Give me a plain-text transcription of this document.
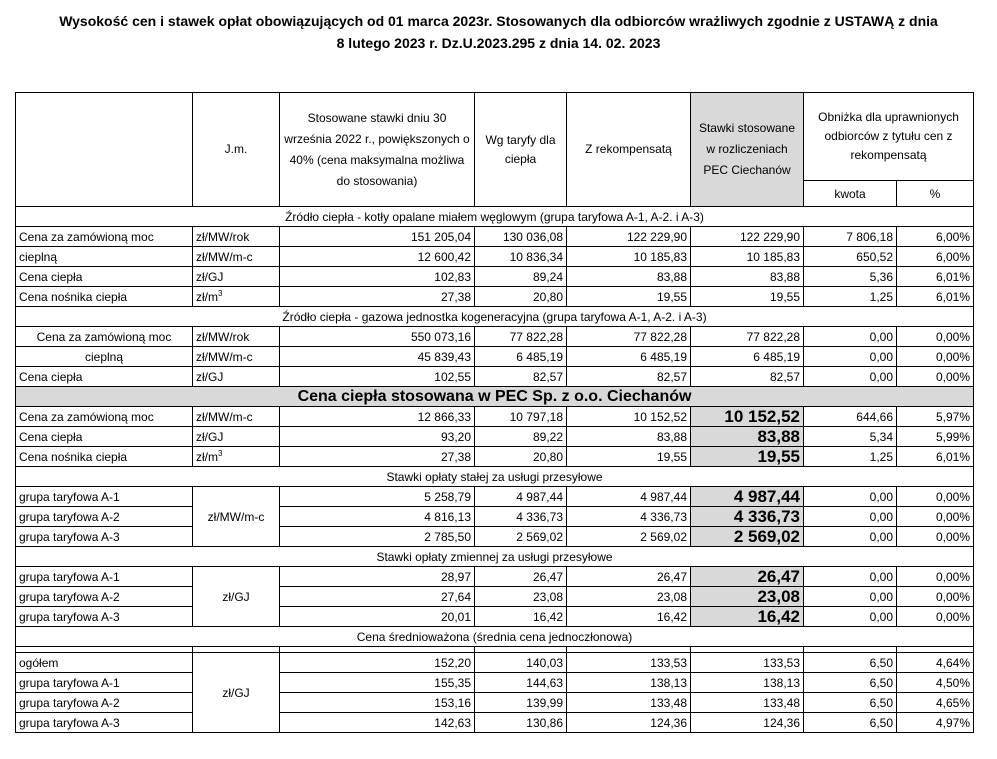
Wysokość cen i stawek opłat obowiązujących od 01 marca 2023r. Stosowanych dla odbiorców wrażliwych zgodnie z USTAWĄ z dnia
8 lutego 2023 r. Dz.U.2023.295 z dnia 14. 02. 2023
	J.m.	Stosowane stawki dniu 30 września 2022 r., powiększonych o 40% (cena maksymalna możliwa do stosowania)	Wg taryfy dla ciepła	Z rekompensatą	Stawki stosowane w rozliczeniach PEC Ciechanów	Obniżka dla uprawnionych odbiorców z tytułu cen z rekompensatą	
						kwota	%
Źródło ciepła - kotły opalane miałem węglowym (grupa taryfowa A-1, A-2. i A-3)							
Cena za zamówioną moc	zł/MW/rok	151 205,04	130 036,08	122 229,90	122 229,90	7 806,18	6,00%
cieplną	zł/MW/m-c	12 600,42	10 836,34	10 185,83	10 185,83	650,52	6,00%
Cena ciepła	zł/GJ	102,83	89,24	83,88	83,88	5,36	6,01%
Cena nośnika ciepła	$zł/m^3$	27,38	20,80	19,55	19,55	1,25	6,01%
Źródło ciepła - gazowa jednostka kogeneracyjna (grupa taryfowa A-1, A-2. i A-3)							
Cena za zamówioną moc	zł/MW/rok	550 073,16	77 822,28	77 822,28	77 822,28	0,00	0,00%
cieplną	zł/MW/m-c	45 839,43	6 485,19	6 485,19	6 485,19	0,00	0,00%
Cena ciepła	zł/GJ	102,55	82,57	82,57	82,57	0,00	0,00%
Cena ciepła stosowana w PEC Sp. z o.o. Ciechanów							
Cena za zamówioną moc	zł/MW/m-c	12 866,33	10 797,18	10 152,52	10 152,52	644,66	5,97%
Cena ciepła	zł/GJ	93,20	89,22	83,88	83,88	5,34	5,99%
Cena nośnika ciepła	$zł/m^3$	27,38	20,80	19,55	19,55	1,25	6,01%
Stawki opłaty stałej za usługi przesyłowe							
grupa taryfowa A-1	zł/MW/m-c	5 258,79	4 987,44	4 987,44	4 987,44	0,00	0,00%
grupa taryfowa A-2		4 816,13	4 336,73	4 336,73	4 336,73	0,00	0,00%
grupa taryfowa A-3		2 785,50	2 569,02	2 569,02	2 569,02	0,00	0,00%
Stawki opłaty zmiennej za usługi przesyłowe							
grupa taryfowa A-1	zł/GJ	28,97	26,47	26,47	26,47	0,00	0,00%
grupa taryfowa A-2		27,64	23,08	23,08	23,08	0,00	0,00%
grupa taryfowa A-3		20,01	16,42	16,42	16,42	0,00	0,00%
Cena średnioważona (średnia cena jednoczłonowa)							

ogółem	zł/GJ	152,20	140,03	133,53	133,53	6,50	4,64%
grupa taryfowa A-1		155,35	144,63	138,13	138,13	6,50	4,50%
grupa taryfowa A-2		153,16	139,99	133,48	133,48	6,50	4,65%
grupa taryfowa A-3		142,63	130,86	124,36	124,36	6,50	4,97%
